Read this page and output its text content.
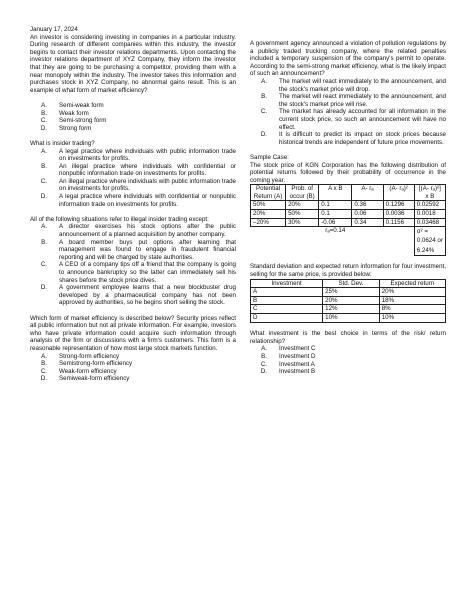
January 17, 2024

An investor is considering investing in companies in a particular industry. During research of different companies within this industry, the investor begins to contact their investor relations departments. Upon contacting the investor relations department of XYZ Company, they inform the investor that they are going to be purchasing a competitor, providing them with a near monopoly within the industry. The investor takes this information and purchases stock in XYZ Company, no abnormal gains result. This is an example of what form of market efficiency?

A.	Semi-weak form
B.	Weak form
C.	Semi-strong form
D.	Strong form

What is insider trading?

A.	A legal practice where individuals with public information trade on investments for profits.
B.	An illegal practice where individuals with confidential or nonpublic information trade on investments for profits.
C.	An illegal practice where individuals with public information trade on investments for profits.
D.	A legal practice where individuals with confidential or nonpublic information trade on investments for profits.

All of the following situations refer to illegal insider trading except:

A.	A director exercises his stock options after the public announcement of a planned acquisition by another company.
B.	A board member buys put options after learning that management was found to engage in fraudulent financial reporting and will be charged by state authorities.
C.	A CEO of a company tips off a friend that the company is going to announce bankruptcy so the latter can immediately sell his shares before the stock price dives.
D.	A government employee learns that a new blockbuster drug developed by a pharmaceutical company has not been approved by authorities, so he begins short selling the stock.

Which form of market efficiency is described below? Security prices reflect all public information but not all private information. For example, investors who have private information could acquire such information through analysis of the firm or discussions with a firm's customers. This form is a reasonable representation of how most large stock markets function.

A.	Strong-form efficiency
B.	Semistrong-form efficiency
C.	Weak-form efficiency
D.	Semiweak-form efficiency

A government agency announced a violation of pollution regulations by a publicly traded trucking company, where the related penalties included a temporary suspension of the company's permit to operate. According to the semi-strong market efficiency, what is the likely impact of such an announcement?

A.	The market will react immediately to the announcement, and the stock's market price will drop.
B.	The market will react immediately to the announcement, and the stock's market price will rise.
C.	The market has already accounted for all information in the current stock price, so such an announcement will have no effect.
D.	It is difficult to predict its impact on stock prices because historical trends are independent of future price movements.

Sample Case:

The stock price of KGN Corporation has the following distribution of potential returns followed by their probability of occurrence in the coming year.

Potential Return (A)	Prob. of occur (B)	A x B	A- rₐ	(A- rₐ)²	[(A- rₐ)²] x B
50%	20%	0.1	0.36	0.1296	0.02592
20%	50%	0.1	0.06	0.0036	0.0018
–20%	30%	-0.06	0.34	0.1156	0.03468
		rₐ=0.14			σ² = 0.0624 or 6.24%

Standard deviation and expected return information for four investment, selling for the same price, is provided below:

Investment	Std. Dev.	Expected return
A	25%	20%
B	20%	18%
C	12%	8%
D	10%	10%

What investment is the best choice in terms of the risk/ return relationship?

A.	Investment C
B.	Investment D
C.	Investment A
D.	Investment B
